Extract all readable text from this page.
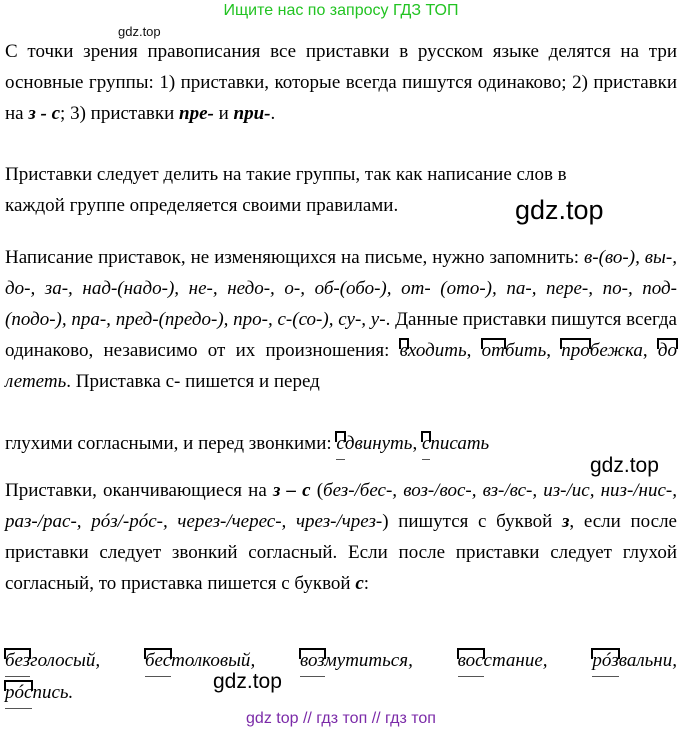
Ищите нас по запросу ГДЗ ТОП
gdz.top

С точки зрения правописания все приставки в русском языке делятся на три основные группы: 1) приставки, которые всегда пишутся одинаково; 2) приставки на з - с; 3) приставки пре- и при-.

Приставки следует делить на такие группы, так как написание слов в
каждой группе определяется своими правилами.	gdz.top

Написание приставок, не изменяющихся на письме, нужно запомнить: в-(во-), вы-, до-, за-, над-(надо-), не-, недо-, о-, об-(обо-), от- (ото-), па-, пере-, по-, под-(подо-), пра-, пред-(предо-), про-, с-(со-), су-, у-. Данные приставки пишутся всегда одинаково, независимо от их произношения:
входить,
отбить,
пробежка,
долететь. Приставка с- пишется и перед

глухими согласными, и перед звонкими:
сдвинуть,
списать

gdz.top

Приставки, оканчивающиеся на з – с (без-/бес-, воз-/вос-, вз-/вс-, из-/ис, низ-/нис-, раз-/рас-, рóз/-рóс-, через-/черес-, чрез-/чрез-) пишутся с буквой з, если после приставки следует звонкий согласный. Если после приставки следует глухой согласный, то приставка пишется с буквой с:

безголосый, бестолковый, возмутиться, восстание, рóзвальни,
рóспись.	gdz.top
gdz top // гдз топ // гдз топ
